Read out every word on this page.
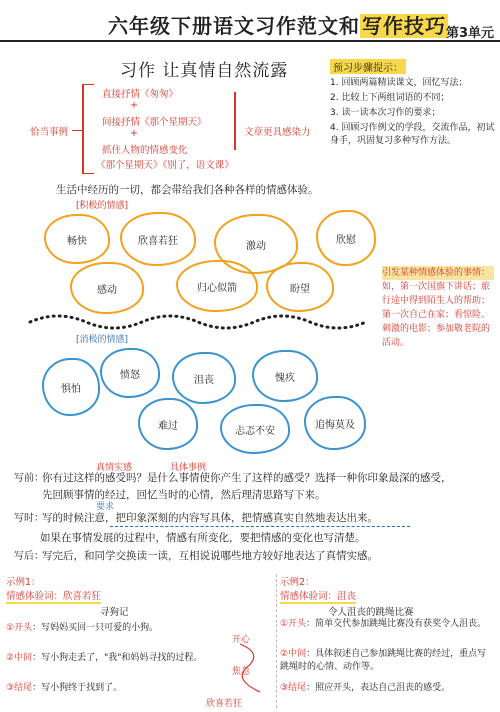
六年级下册语文习作范文和 写作技巧 第3单元
习作 让真情自然流露
直接抒情《匆匆》
+
间接抒情《那个星期天》
+
抓住人物的情感变化
《那个星期天》《别了，语文课》
恰当事例	文章更具感染力
预习步骤提示：
1. 回顾两篇精读课文，回忆写法；
2. 比较上下两组词语的不同；
3. 读一读本次习作的要求；
4. 回顾习作例文的学段，交流作品，初试身手，巩固复习多种写作方法。
生活中经历的一切，都会带给我们各种各样的情感体验。
[ 积极的情感 ]
畅快	欣喜若狂	激动
欣慰
感动	归心似箭	盼望
引发某种情感体验的事情：
如，第一次国旗下讲话；旅行途中得到陌生人的帮助；第一次自己在家；看惊险、刺激的电影；参加敬老院的活动。
[ 消极的情感 ]
惧怕
愤怒	沮丧	愧疚
难过	忐忑不安
追悔莫及
真情实感	具体事例
写前：
你有过这样的感受吗？是什么事情使你产生了这样的感受？选择一种你印象最深的感受，先回顾事情的经过，回忆当时的心情，然后理清思路写下来。
要求
写时：
写的时候注意，把印象深刻的内容写具体，把情感真实自然地表达出来。
如果在事情发展的过程中，情感有所变化，要把情感的变化也写清楚。
写后：
写完后，和同学交换读一读，互相说说哪些地方较好地表达了真情实感。
示例1：
情感体验词：欣喜若狂
寻狗记
①开头：写妈妈买回一只可爱的小狗。
②中间：写小狗走丢了，"我"和妈妈寻找的过程。
③结尾：写小狗终于找到了。
开心
焦急
欣喜若狂
示例2：
情感体验词：沮丧
令人沮丧的跳绳比赛
①开头：简单交代参加跳绳比赛没有获奖令人沮丧。
②中间：具体叙述自己参加跳绳比赛的经过，重点写跳绳时的心情、动作等。
③结尾：照应开头，表达自己沮丧的感受。
